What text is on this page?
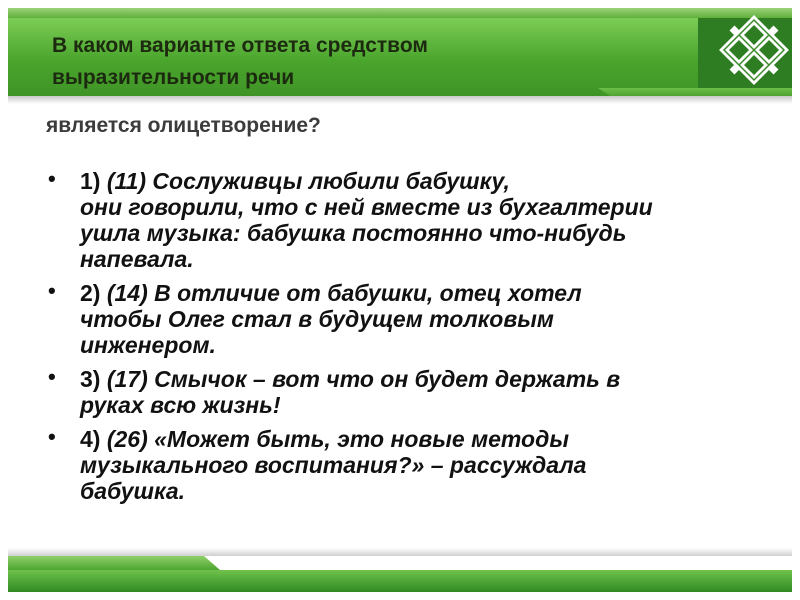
В каком варианте ответа средством выразительности речи

является олицетворение?

• 1) (11) Сослуживцы любили бабушку,
они говорили, что с ней вместе из бухгалтерии
ушла музыка: бабушка постоянно что-нибудь
напевала.
• 2) (14) В отличие от бабушки, отец хотел
чтобы Олег стал в будущем толковым
инженером.
• 3) (17) Смычок – вот что он будет держать в
руках всю жизнь!
• 4) (26) «Может быть, это новые методы
музыкального воспитания?» – рассуждала
бабушка.
